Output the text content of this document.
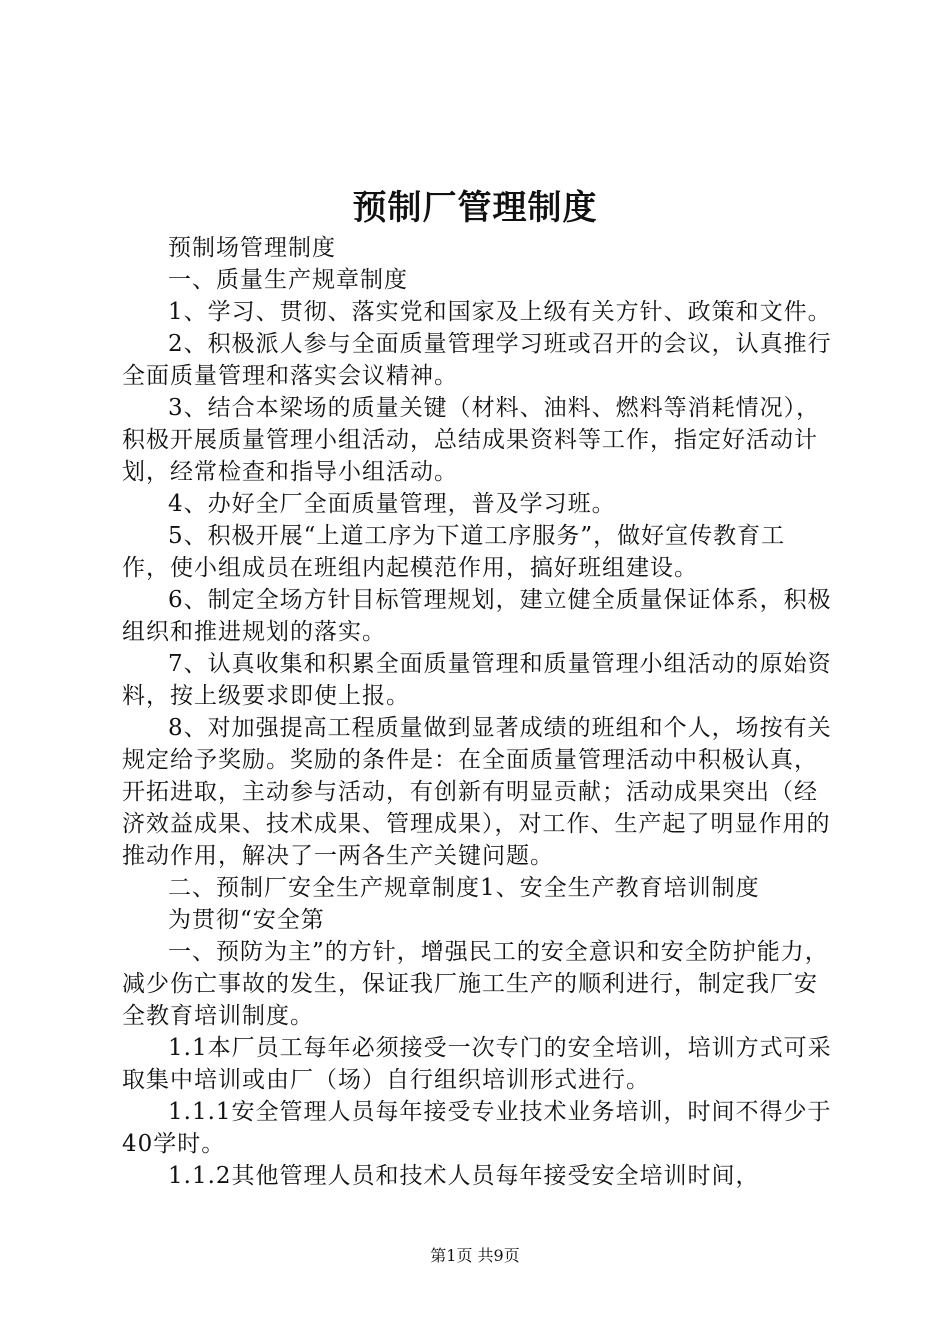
预制厂管理制度

预制场管理制度

一、质量生产规章制度

1、学习、贯彻、落实党和国家及上级有关方针、政策和文件。

2、积极派人参与全面质量管理学习班或召开的会议，认真推行全面质量管理和落实会议精神。

3、结合本梁场的质量关键（材料、油料、燃料等消耗情况），积极开展质量管理小组活动，总结成果资料等工作，指定好活动计划，经常检查和指导小组活动。

4、办好全厂全面质量管理，普及学习班。

5、积极开展“上道工序为下道工序服务”，做好宣传教育工作，使小组成员在班组内起模范作用，搞好班组建设。

6、制定全场方针目标管理规划，建立健全质量保证体系，积极组织和推进规划的落实。

7、认真收集和积累全面质量管理和质量管理小组活动的原始资料，按上级要求即使上报。

8、对加强提高工程质量做到显著成绩的班组和个人，场按有关规定给予奖励。奖励的条件是：在全面质量管理活动中积极认真，开拓进取，主动参与活动，有创新有明显贡献；活动成果突出（经济效益成果、技术成果、管理成果），对工作、生产起了明显作用的推动作用，解决了一两各生产关键问题。

二、预制厂安全生产规章制度1、安全生产教育培训制度

为贯彻“安全第

一、预防为主”的方针，增强民工的安全意识和安全防护能力，减少伤亡事故的发生，保证我厂施工生产的顺利进行，制定我厂安全教育培训制度。

1.1本厂员工每年必须接受一次专门的安全培训，培训方式可采取集中培训或由厂（场）自行组织培训形式进行。

1.1.1安全管理人员每年接受专业技术业务培训，时间不得少于40学时。

1.1.2其他管理人员和技术人员每年接受安全培训时间，

第1页 共9页
